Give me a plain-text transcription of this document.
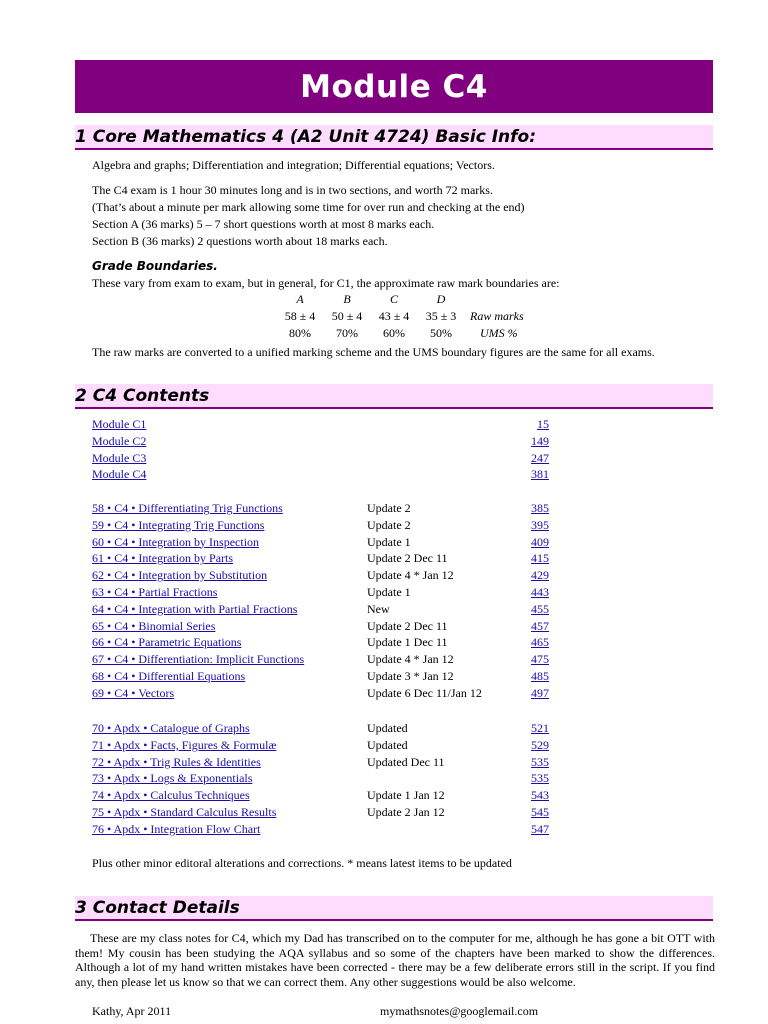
Module C4
1 Core Mathematics 4 (A2 Unit 4724) Basic Info:
Algebra and graphs; Differentiation and integration; Differential equations; Vectors.
The C4 exam is 1 hour 30 minutes long and is in two sections, and worth 72 marks.
(That’s about a minute per mark allowing some time for over run and checking at the end)
Section A (36 marks) 5 – 7 short questions worth at most 8 marks each.
Section B (36 marks) 2 questions worth about 18 marks each.
Grade Boundaries.
These vary from exam to exam, but in general, for C1, the approximate raw mark boundaries are:
A	B	C	D
58 ± 4	50 ± 4	43 ± 4	35 ± 3	Raw marks
80%	70%	60%	50%	UMS %
The raw marks are converted to a unified marking scheme and the UMS boundary figures are the same for all exams.
2 C4 Contents
Module C1	15
Module C2	149
Module C3	247
Module C4	381
58 • C4 • Differentiating Trig Functions	Update 2	385
59 • C4 • Integrating Trig Functions	Update 2	395
60 • C4 • Integration by Inspection	Update 1	409
61 • C4 • Integration by Parts	Update 2 Dec 11	415
62 • C4 • Integration by Substitution	Update 4 * Jan 12	429
63 • C4 • Partial Fractions	Update 1	443
64 • C4 • Integration with Partial Fractions	New	455
65 • C4 • Binomial Series	Update 2 Dec 11	457
66 • C4 • Parametric Equations	Update 1 Dec 11	465
67 • C4 • Differentiation: Implicit Functions	Update 4 * Jan 12	475
68 • C4 • Differential Equations	Update 3 * Jan 12	485
69 • C4 • Vectors	Update 6 Dec 11/Jan 12	497
70 • Apdx • Catalogue of Graphs	Updated	521
71 • Apdx • Facts, Figures & Formulæ	Updated	529
72 • Apdx • Trig Rules & Identities	Updated Dec 11	535
73 • Apdx • Logs & Exponentials	535
74 • Apdx • Calculus Techniques	Update 1 Jan 12	543
75 • Apdx • Standard Calculus Results	Update 2 Jan 12	545
76 • Apdx • Integration Flow Chart	547
Plus other minor editoral alterations and corrections. * means latest items to be updated
3 Contact Details
These are my class notes for C4, which my Dad has transcribed on to the computer for me, although he has gone a bit OTT with them! My cousin has been studying the AQA syllabus and so some of the chapters have been marked to show the differences. Although a lot of my hand written mistakes have been corrected - there may be a few deliberate errors still in the script. If you find any, then please let us know so that we can correct them. Any other suggestions would be also welcome.
Kathy, Apr 2011	mymathsnotes@googlemail.com
